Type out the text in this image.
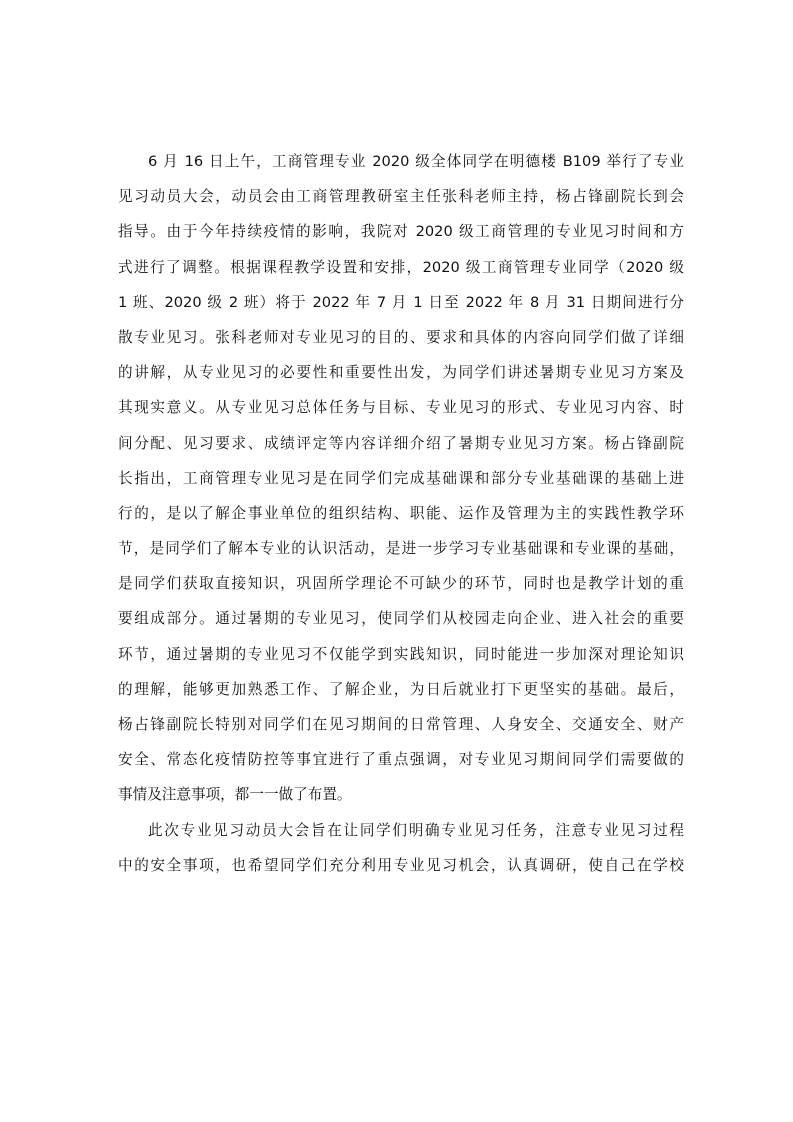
6 月 16 日上午，工商管理专业 2020 级全体同学在明德楼 B109 举行了专业
见习动员大会，动员会由工商管理教研室主任张科老师主持，杨占锋副院长到会
指导。由于今年持续疫情的影响，我院对 2020 级工商管理的专业见习时间和方
式进行了调整。根据课程教学设置和安排，2020 级工商管理专业同学（2020 级
1 班、2020 级 2 班）将于 2022 年 7 月 1 日至 2022 年 8 月 31 日期间进行分
散专业见习。张科老师对专业见习的目的、要求和具体的内容向同学们做了详细
的讲解，从专业见习的必要性和重要性出发，为同学们讲述暑期专业见习方案及
其现实意义。从专业见习总体任务与目标、专业见习的形式、专业见习内容、时
间分配、见习要求、成绩评定等内容详细介绍了暑期专业见习方案。杨占锋副院
长指出，工商管理专业见习是在同学们完成基础课和部分专业基础课的基础上进
行的，是以了解企事业单位的组织结构、职能、运作及管理为主的实践性教学环
节，是同学们了解本专业的认识活动，是进一步学习专业基础课和专业课的基础，
是同学们获取直接知识，巩固所学理论不可缺少的环节，同时也是教学计划的重
要组成部分。通过暑期的专业见习，使同学们从校园走向企业、进入社会的重要
环节，通过暑期的专业见习不仅能学到实践知识，同时能进一步加深对理论知识
的理解，能够更加熟悉工作、了解企业，为日后就业打下更坚实的基础。最后，
杨占锋副院长特别对同学们在见习期间的日常管理、人身安全、交通安全、财产
安全、常态化疫情防控等事宜进行了重点强调，对专业见习期间同学们需要做的
事情及注意事项，都一一做了布置。
此次专业见习动员大会旨在让同学们明确专业见习任务，注意专业见习过程
中的安全事项，也希望同学们充分利用专业见习机会，认真调研，使自己在学校
